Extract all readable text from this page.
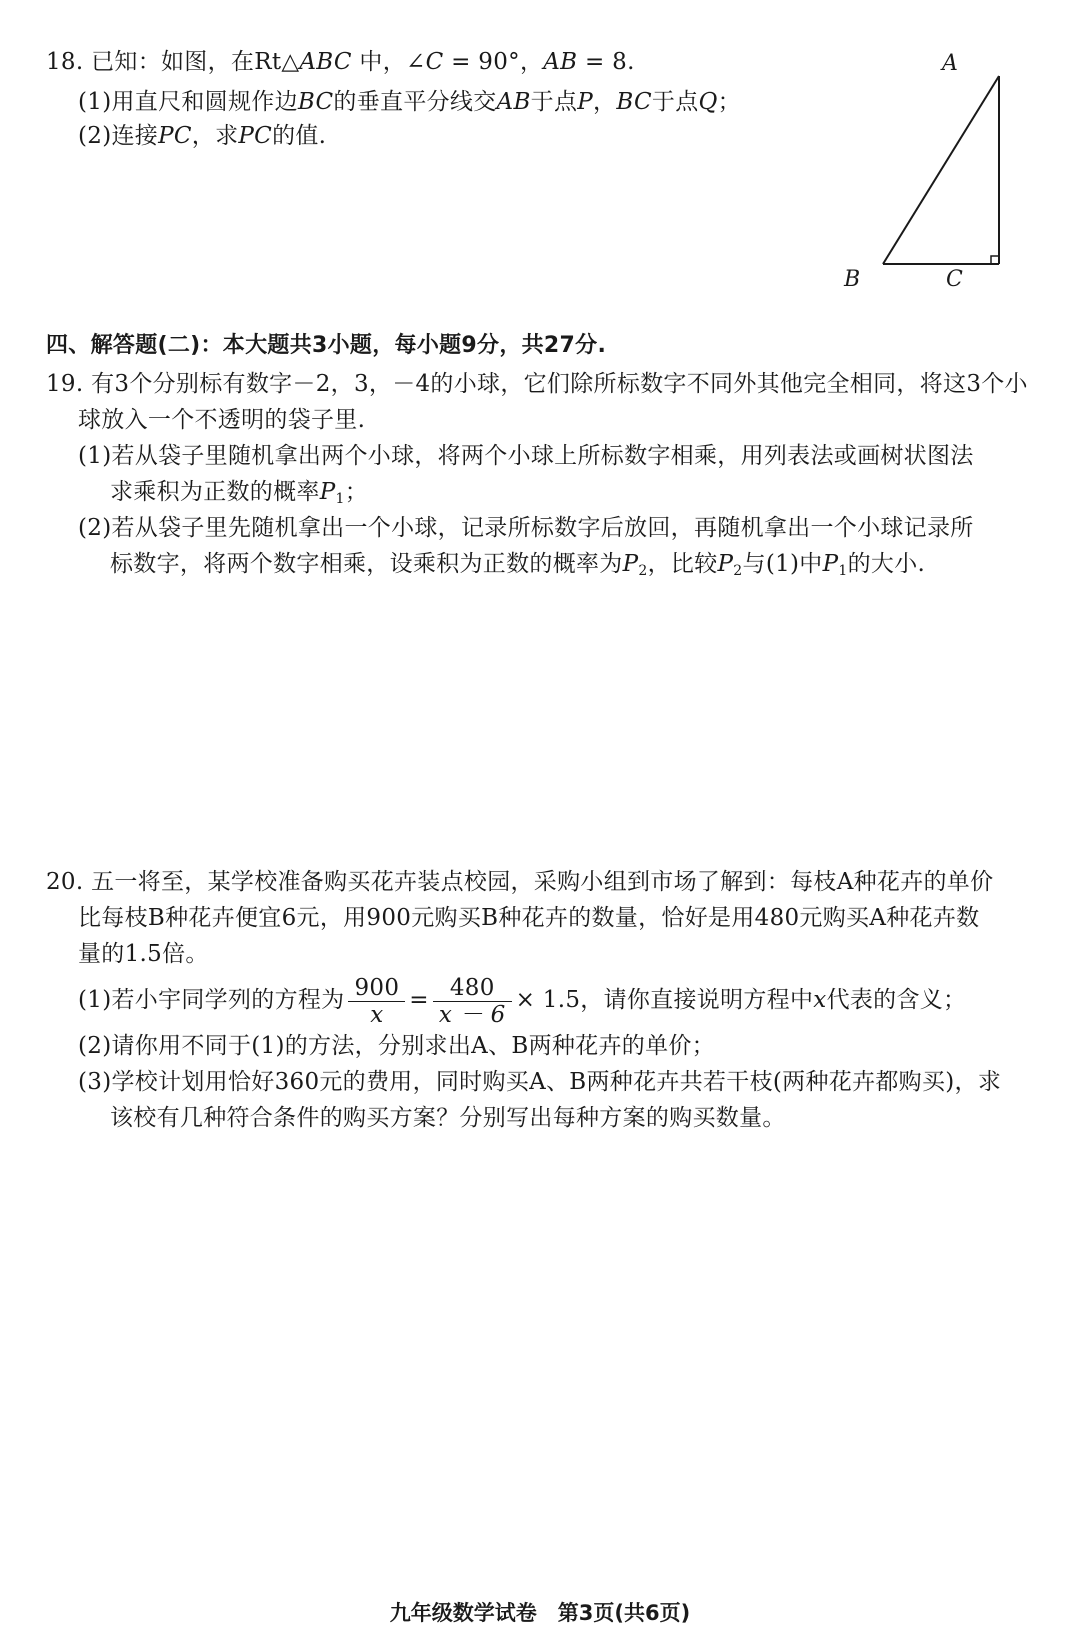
18. 已知：如图，在Rt△ABC 中，∠C = 90°，AB = 8.
(1)用直尺和圆规作边BC的垂直平分线交AB于点P，BC于点Q；
(2)连接PC，求PC的值.
A
B	C
四、解答题(二)：本大题共3小题，每小题9分，共27分.
19. 有3个分别标有数字－2，3，－4的小球，它们除所标数字不同外其他完全相同，将这3个小
球放入一个不透明的袋子里.
(1)若从袋子里随机拿出两个小球，将两个小球上所标数字相乘，用列表法或画树状图法
求乘积为正数的概率$P_1$；
(2)若从袋子里先随机拿出一个小球，记录所标数字后放回，再随机拿出一个小球记录所
标数字，将两个数字相乘，设乘积为正数的概率为$P_2$，比较$P_2$与(1)中$P_1$的大小.
20. 五一将至，某学校准备购买花卉装点校园，采购小组到市场了解到：每枝A种花卉的单价
比每枝B种花卉便宜6元，用900元购买B种花卉的数量，恰好是用480元购买A种花卉数
量的1.5倍。
(1)若小宇同学列的方程为 $\frac{900}{x} = \frac{480}{x - 6} \times 1.5$，请你直接说明方程中x代表的含义；
(2)请你用不同于(1)的方法，分别求出A、B两种花卉的单价；
(3)学校计划用恰好360元的费用，同时购买A、B两种花卉共若干枝(两种花卉都购买)，求
该校有几种符合条件的购买方案？分别写出每种方案的购买数量。
九年级数学试卷　第3页(共6页)
